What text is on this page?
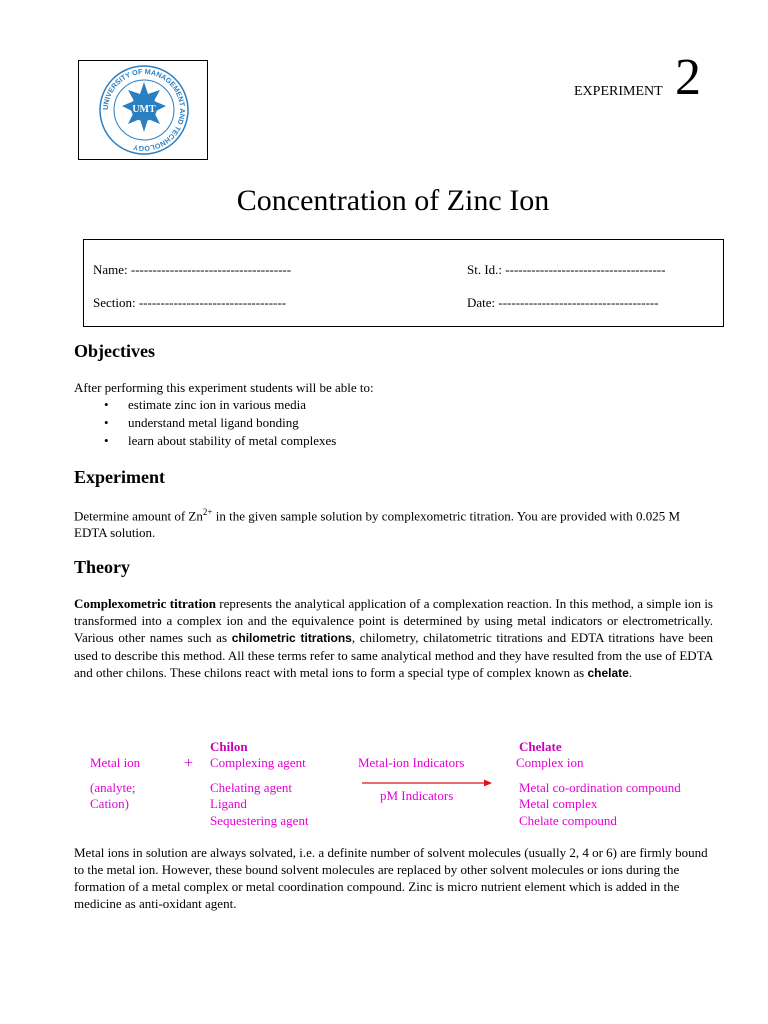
UNIVERSITY OF MANAGEMENT AND TECHNOLOGY
UMT
EXPERIMENT 2
Concentration of Zinc Ion
Name: -------------------------------------	St. Id.: -------------------------------------
Section: ----------------------------------	Date: -------------------------------------
Objectives
After performing this experiment students will be able to:
• estimate zinc ion in various media
• understand metal ligand bonding
• learn about stability of metal complexes
Experiment
Determine amount of $Zn^{2+}$ in the given sample solution by complexometric titration. You are provided with 0.025 M EDTA solution.
Theory
Complexometric titration represents the analytical application of a complexation reaction. In this method, a simple ion is transformed into a complex ion and the equivalence point is determined by using metal indicators or electrometrically. Various other names such as chilometric titrations, chilometry, chilatometric titrations and EDTA titrations have been used to describe this method. All these terms refer to same analytical method and they have resulted from the use of EDTA and other chilons. These chilons react with metal ions to form a special type of complex known as chelate.
Metal ion
(analyte;
Cation)
+
Chilon
Complexing agent
Chelating agent
Ligand
Sequestering agent
Metal-ion Indicators
pM Indicators
Chelate
Complex ion
Metal co-ordination compound
Metal complex
Chelate compound
Metal ions in solution are always solvated, i.e. a definite number of solvent molecules (usually 2, 4 or 6) are firmly bound to the metal ion. However, these bound solvent molecules are replaced by other solvent molecules or ions during the formation of a metal complex or metal coordination compound. Zinc is micro nutrient element which is added in the medicine as anti-oxidant agent.
